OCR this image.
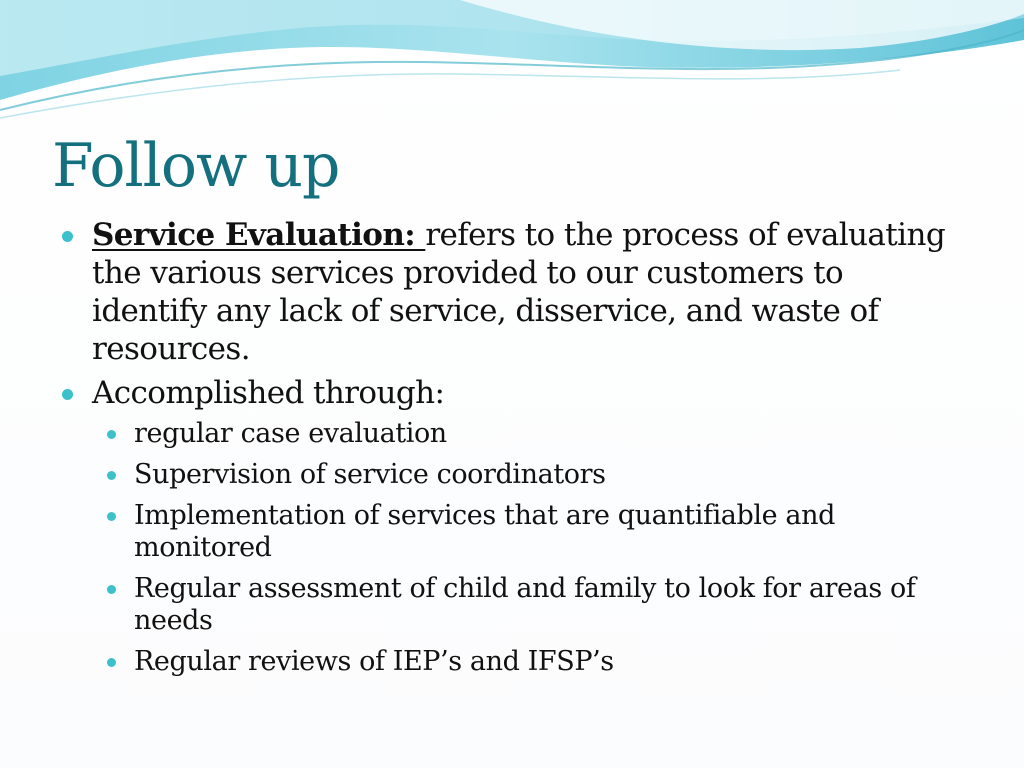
Follow up

Service Evaluation: refers to the process of evaluating the various services provided to our customers to identify any lack of service, disservice, and waste of resources.

Accomplished through:

regular case evaluation

Supervision of service coordinators

Implementation of services that are quantifiable and monitored

Regular assessment of child and family to look for areas of needs

Regular reviews of IEP’s and IFSP’s
